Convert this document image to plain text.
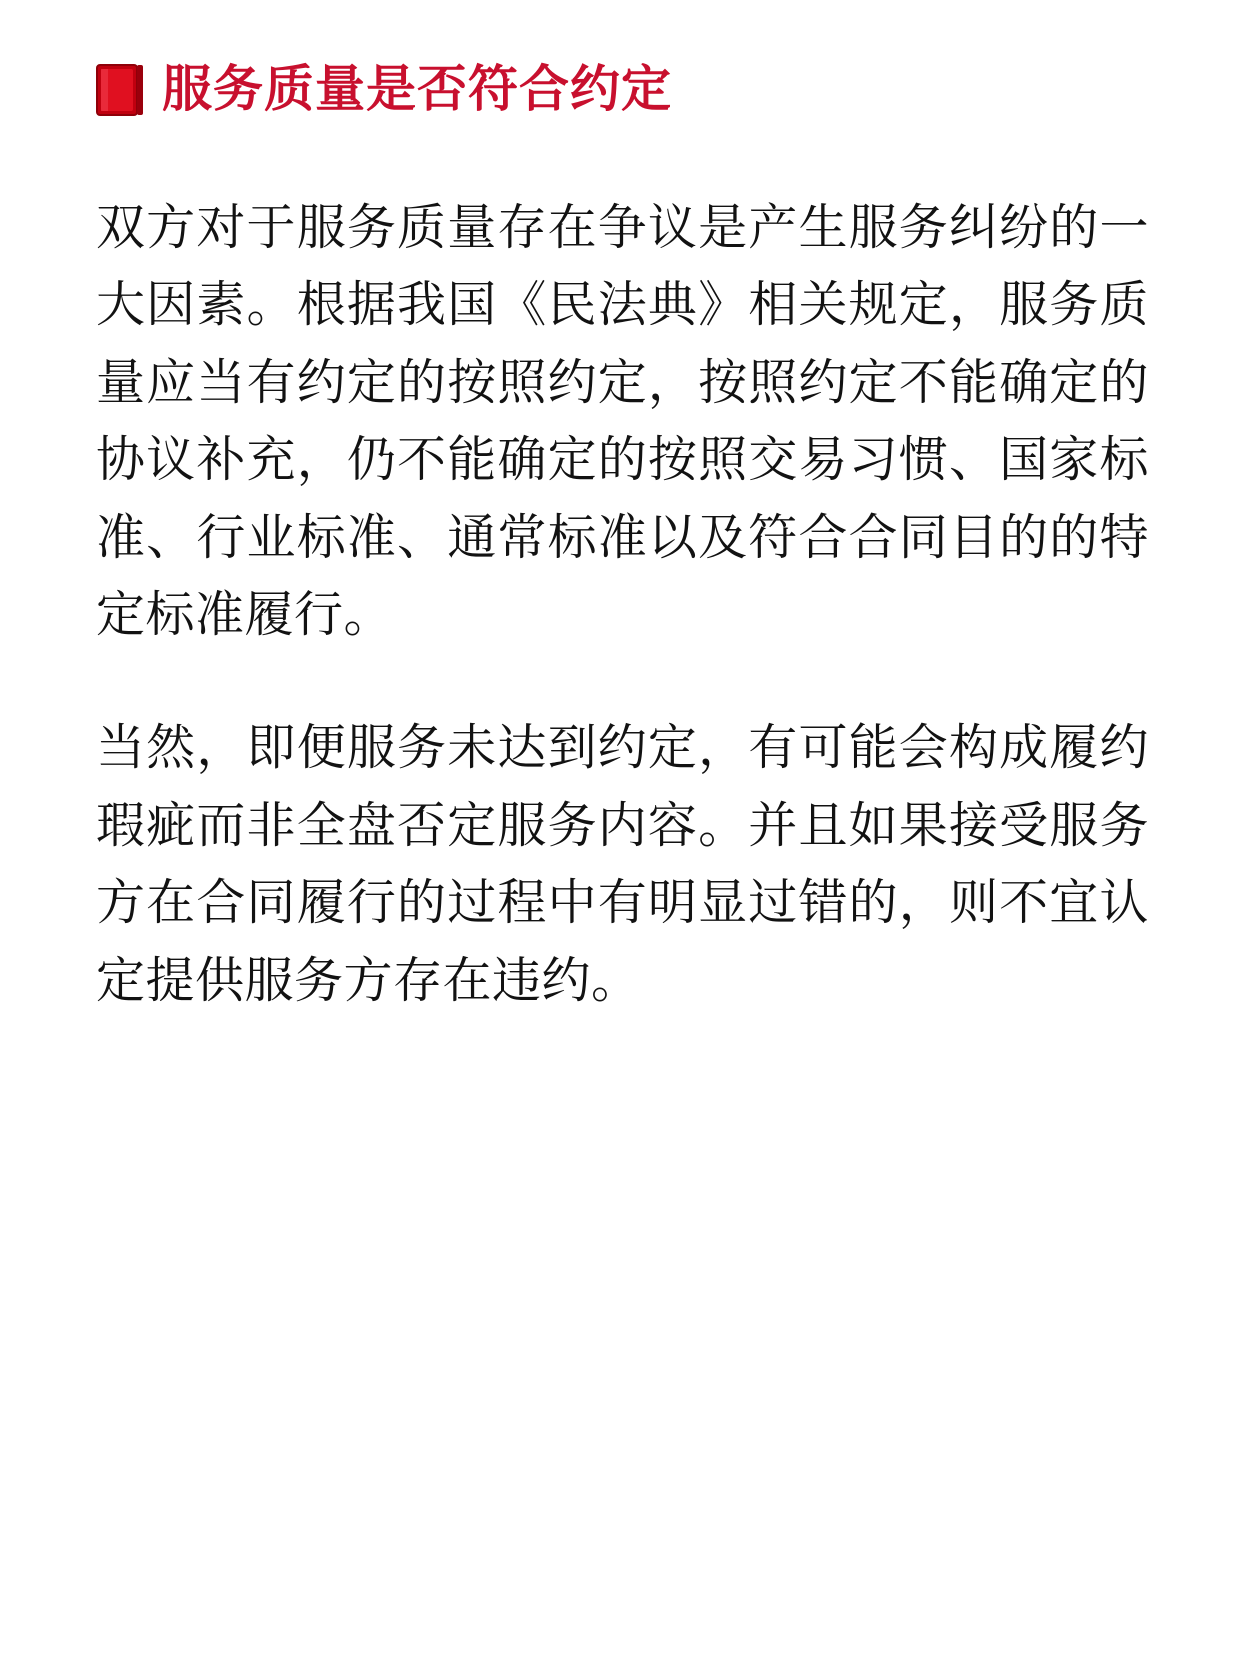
服务质量是否符合约定

双方对于服务质量存在争议是产生服务纠纷的一大因素。根据我国《民法典》相关规定，服务质量应当有约定的按照约定，按照约定不能确定的协议补充，仍不能确定的按照交易习惯、国家标准、行业标准、通常标准以及符合合同目的的特定标准履行。

当然，即便服务未达到约定，有可能会构成履约瑕疵而非全盘否定服务内容。并且如果接受服务方在合同履行的过程中有明显过错的，则不宜认定提供服务方存在违约。
